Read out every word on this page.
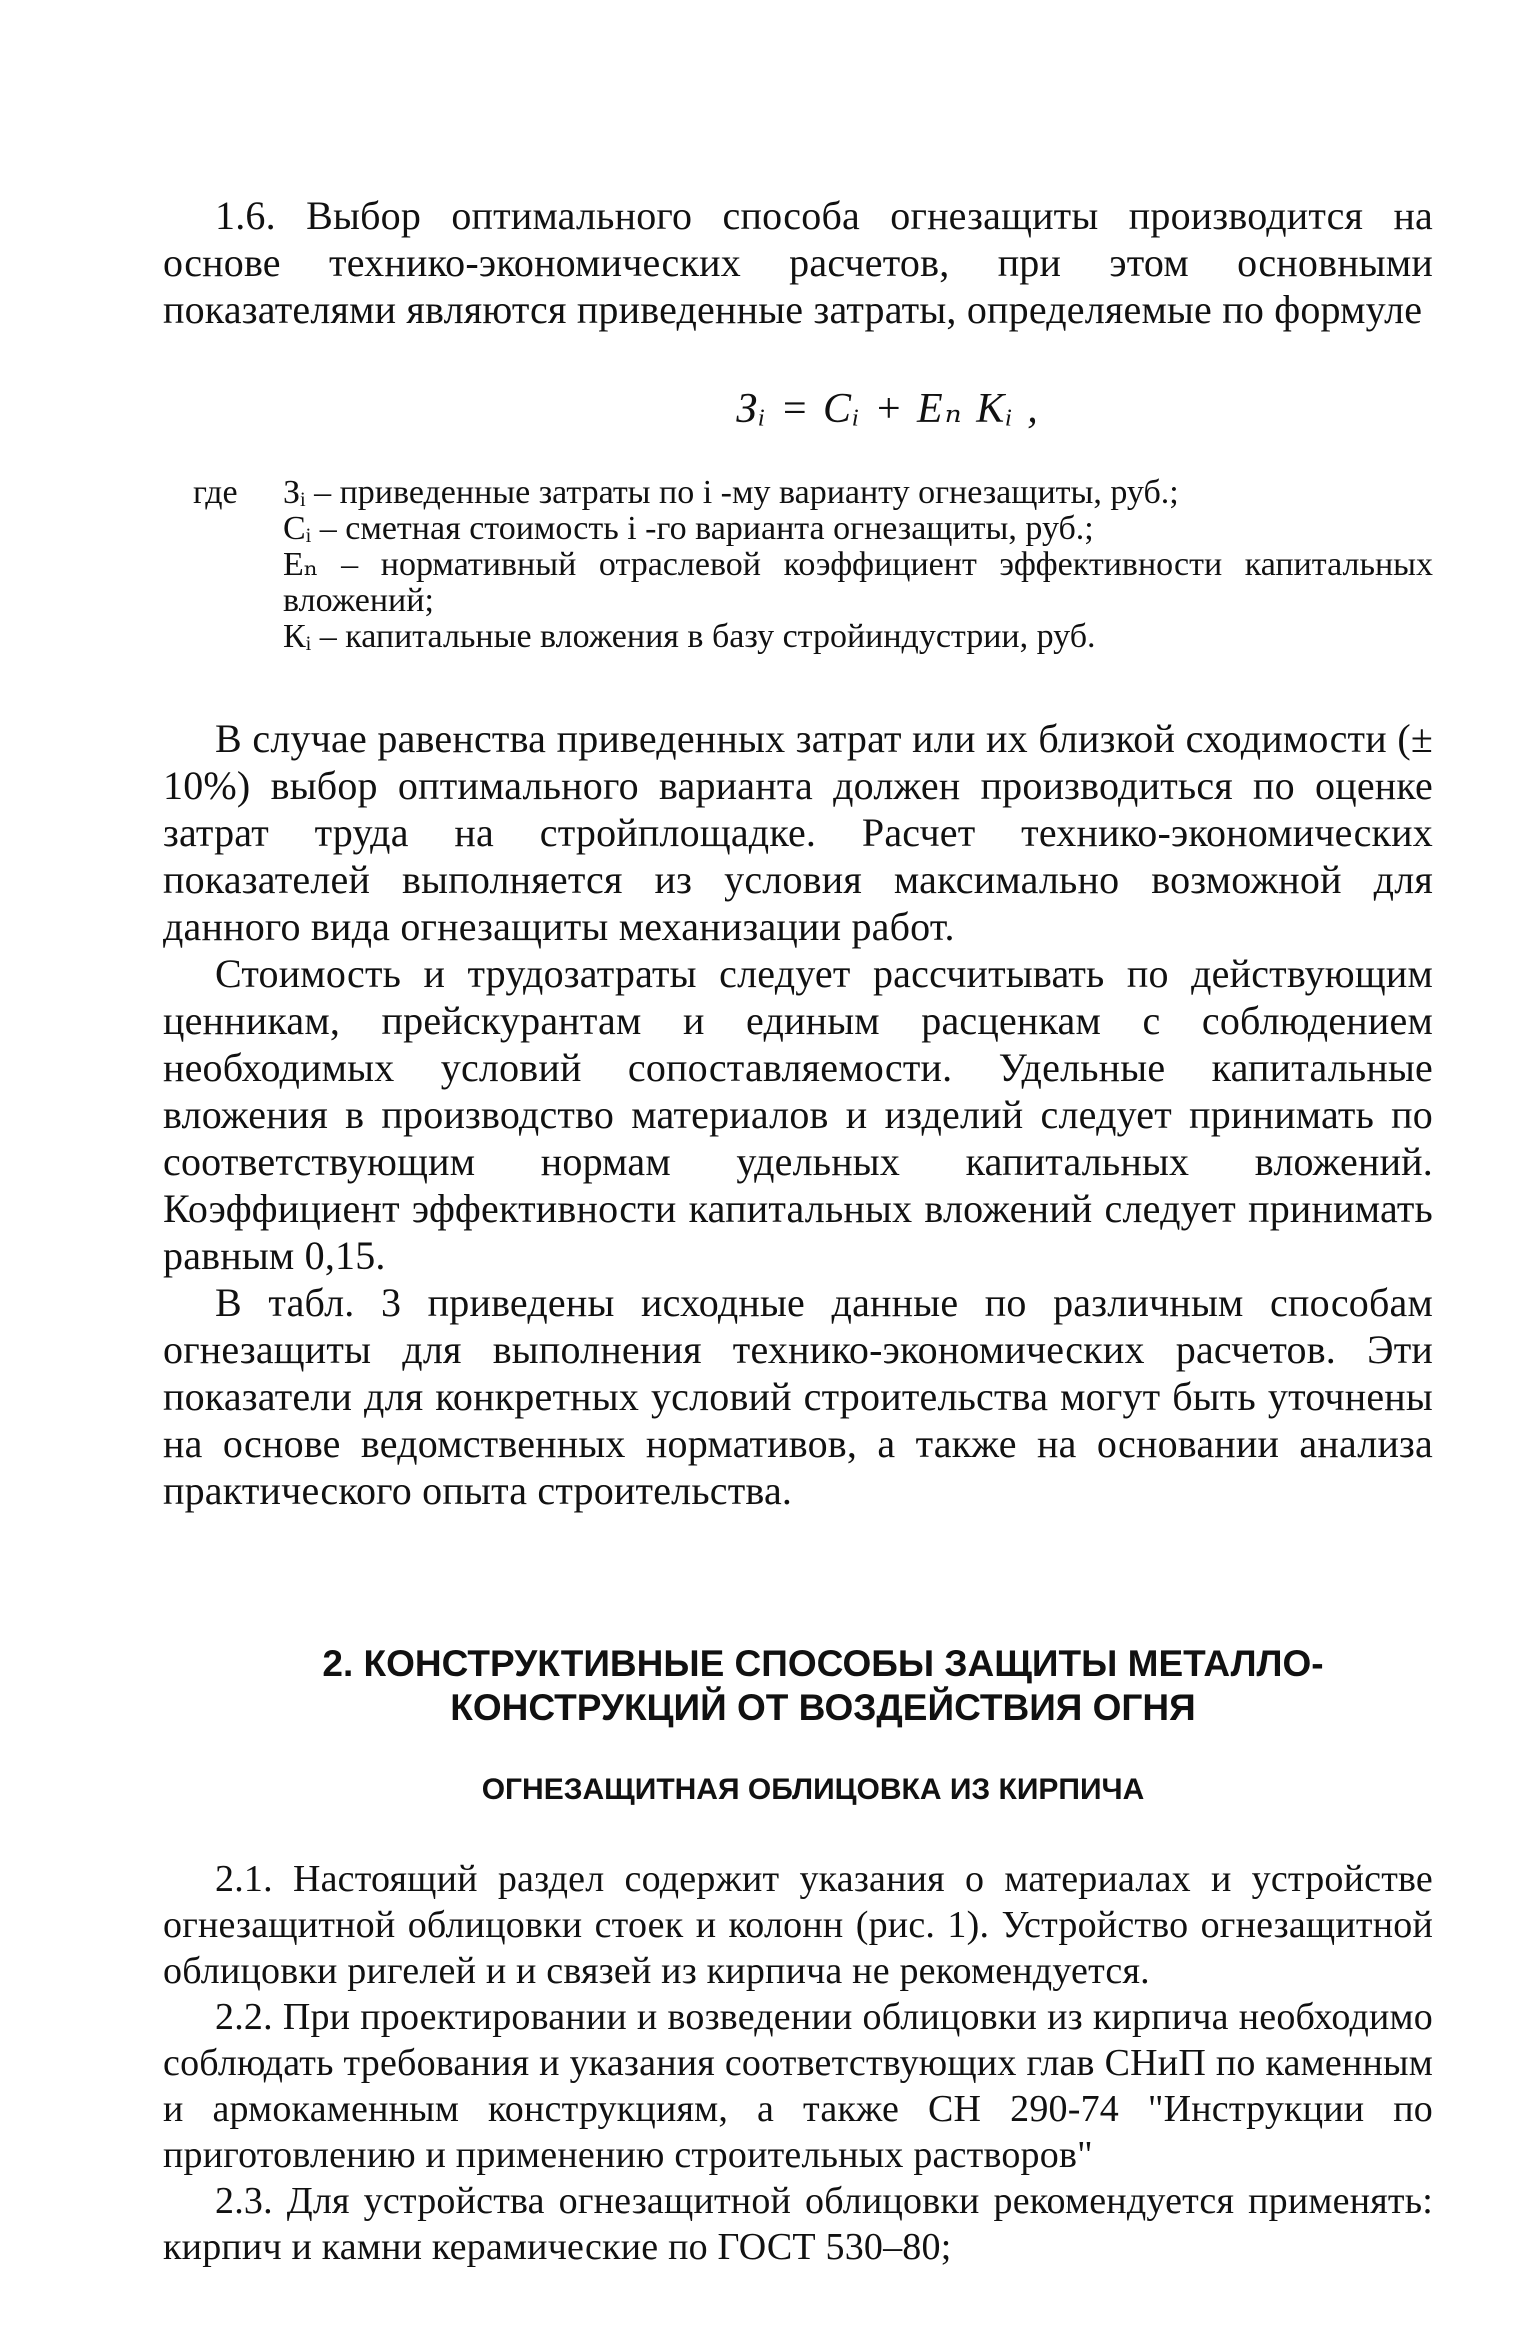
1.6. Выбор оптимального способа огнезащиты производится на основе технико-экономических расчетов, при этом основными показателями являются приведенные затраты, определяемые по формуле

Зᵢ = Сᵢ + Еₙ Кᵢ ,
где Зᵢ – приведенные затраты по i -му варианту огнезащиты, руб.;
Сᵢ – сметная стоимость i -го варианта огнезащиты, руб.;
Еₙ – нормативный отраслевой коэффициент эффективности капитальных вложений;
Кᵢ – капитальные вложения в базу стройиндустрии, руб.

В случае равенства приведенных затрат или их близкой сходимости (± 10%) выбор оптимального варианта должен производиться по оценке затрат труда на стройплощадке. Расчет технико-экономических показателей выполняется из условия максимально возможной для данного вида огнезащиты механизации работ.

Стоимость и трудозатраты следует рассчитывать по действующим ценникам, прейскурантам и единым расценкам с соблюдением необходимых условий сопоставляемости. Удельные капитальные вложения в производство материалов и изделий следует принимать по соответствующим нормам удельных капитальных вложений. Коэффициент эффективности капитальных вложений следует принимать равным 0,15.

В табл. 3 приведены исходные данные по различным способам огнезащиты для выполнения технико-экономических расчетов. Эти показатели для конкретных условий строительства могут быть уточнены на основе ведомственных нормативов, а также на основании анализа практического опыта строительства.

2. КОНСТРУКТИВНЫЕ СПОСОБЫ ЗАЩИТЫ МЕТАЛЛО-
КОНСТРУКЦИЙ ОТ ВОЗДЕЙСТВИЯ ОГНЯ
ОГНЕЗАЩИТНАЯ ОБЛИЦОВКА ИЗ КИРПИЧА

2.1. Настоящий раздел содержит указания о материалах и устройстве огнезащитной облицовки стоек и колонн (рис. 1). Устройство огнезащитной облицовки ригелей и и связей из кирпича не рекомендуется.

2.2. При проектировании и возведении облицовки из кирпича необходимо соблюдать требования и указания соответствующих глав СНиП по каменным и армокаменным конструкциям, а также СН 290-74 "Инструкции по приготовлению и применению строительных растворов"

2.3. Для устройства огнезащитной облицовки рекомендуется применять: кирпич и камни керамические по ГОСТ 530–80;
